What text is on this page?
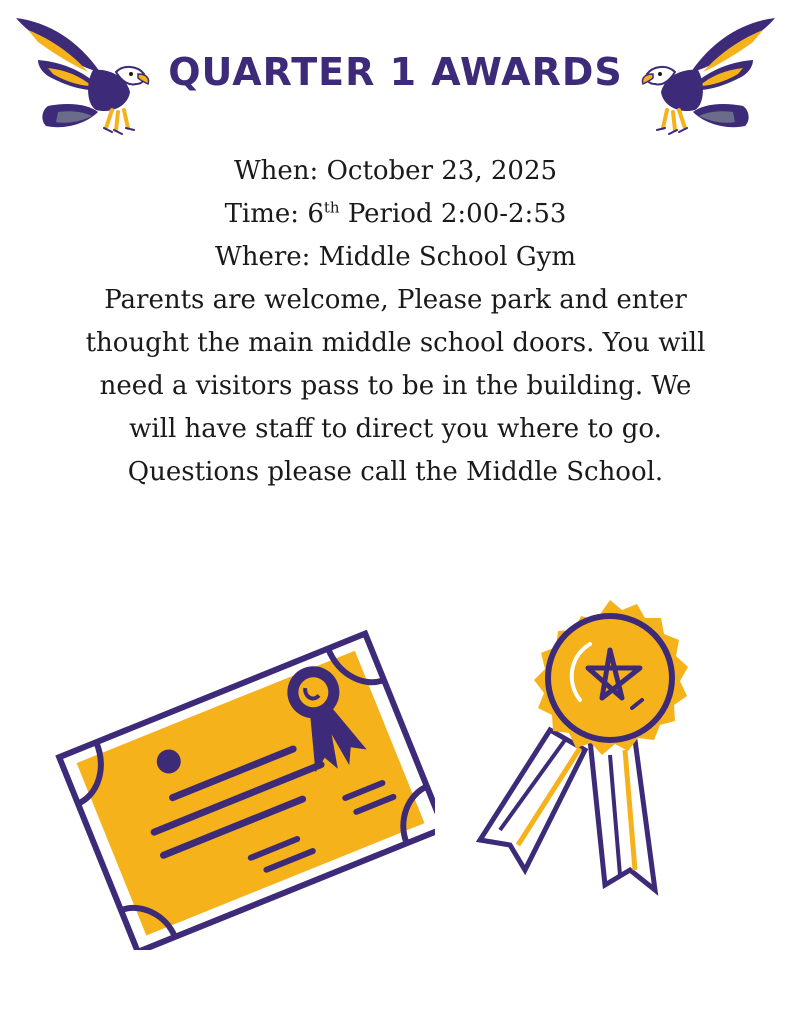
QUARTER 1 AWARDS
When: October 23, 2025
Time: 6th Period 2:00-2:53
Where: Middle School Gym
Parents are welcome, Please park and enter
thought the main middle school doors. You will
need a visitors pass to be in the building. We
will have staff to direct you where to go.
Questions please call the Middle School.
